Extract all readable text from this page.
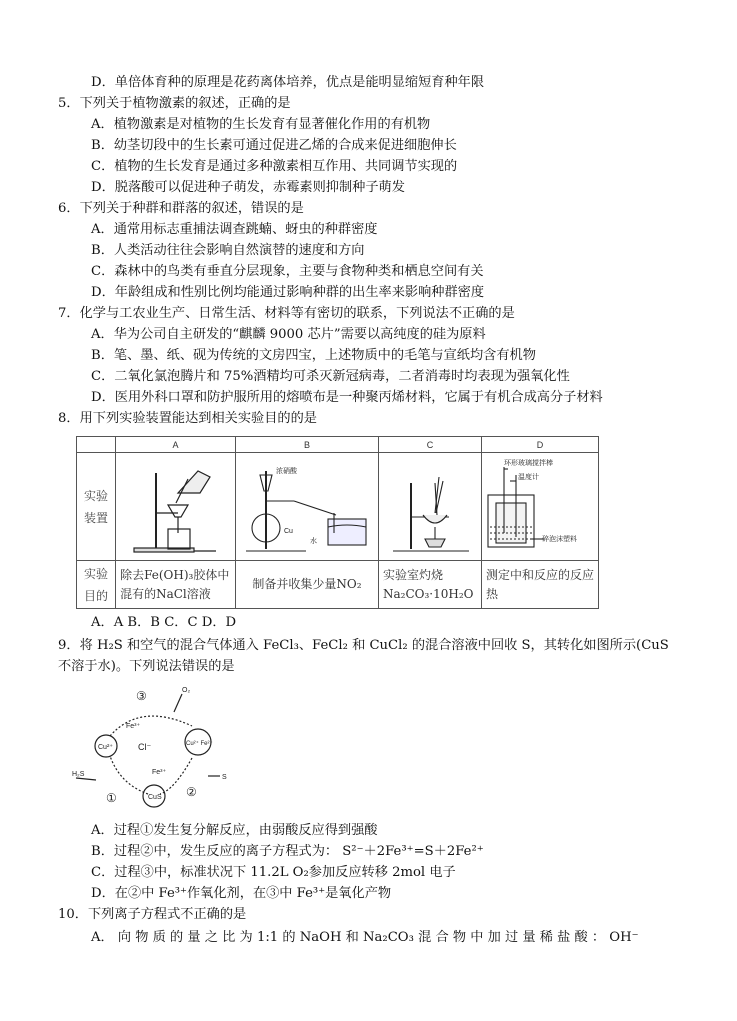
D．单倍体育种的原理是花药离体培养，优点是能明显缩短育种年限
5．下列关于植物激素的叙述，正确的是
A．植物激素是对植物的生长发育有显著催化作用的有机物
B．幼茎切段中的生长素可通过促进乙烯的合成来促进细胞伸长
C．植物的生长发育是通过多种激素相互作用、共同调节实现的
D．脱落酸可以促进种子萌发，赤霉素则抑制种子萌发
6．下列关于种群和群落的叙述，错误的是
A．通常用标志重捕法调查跳蝻、蚜虫的种群密度
B．人类活动往往会影响自然演替的速度和方向
C．森林中的鸟类有垂直分层现象，主要与食物种类和栖息空间有关
D．年龄组成和性别比例均能通过影响种群的出生率来影响种群密度
7．化学与工农业生产、日常生活、材料等有密切的联系，下列说法不正确的是
A．华为公司自主研发的“麒麟 9000 芯片”需要以高纯度的硅为原料
B．笔、墨、纸、砚为传统的文房四宝，上述物质中的毛笔与宣纸均含有机物
C．二氧化氯泡腾片和 75%酒精均可杀灭新冠病毒，二者消毒时均表现为强氧化性
D．医用外科口罩和防护服所用的熔喷布是一种聚丙烯材料，它属于有机合成高分子材料
8．用下列实验装置能达到相关实验目的的是
	A	B	C	D
实验装置		浓硝酸
Cu
水		环形玻璃搅拌棒
温度计
碎泡沫塑料

实验目的	除去Fe(OH)₃胶体中混有的NaCl溶液	制备并收集少量NO₂	实验室灼烧Na₂CO₃·10H₂O	测定中和反应的反应热
A．A B．B C．C D．D
9．将 H₂S 和空气的混合气体通入 FeCl₃、FeCl₂ 和 CuCl₂ 的混合溶液中回收 S，其转化如图所示(CuS
不溶于水)。下列说法错误的是
③	O₂
Fe³⁺
Cl⁻
Cu²⁺	Cu²⁺ Fe²⁺
CuS
Fe³⁺
H₂S	S
①	②
A．过程①发生复分解反应，由弱酸反应得到强酸
B．过程②中，发生反应的离子方程式为： S²⁻＋2Fe³⁺=S＋2Fe²⁺
C．过程③中，标准状况下 11.2L O₂参加反应转移 2mol 电子
D．在②中 Fe³⁺作氧化剂，在③中 Fe³⁺是氧化产物
10．下列离子方程式不正确的是
A． 向 物 质 的 量 之 比 为 1:1 的 NaOH 和 Na₂CO₃ 混 合 物 中 加 过 量 稀 盐 酸 ： OH⁻
